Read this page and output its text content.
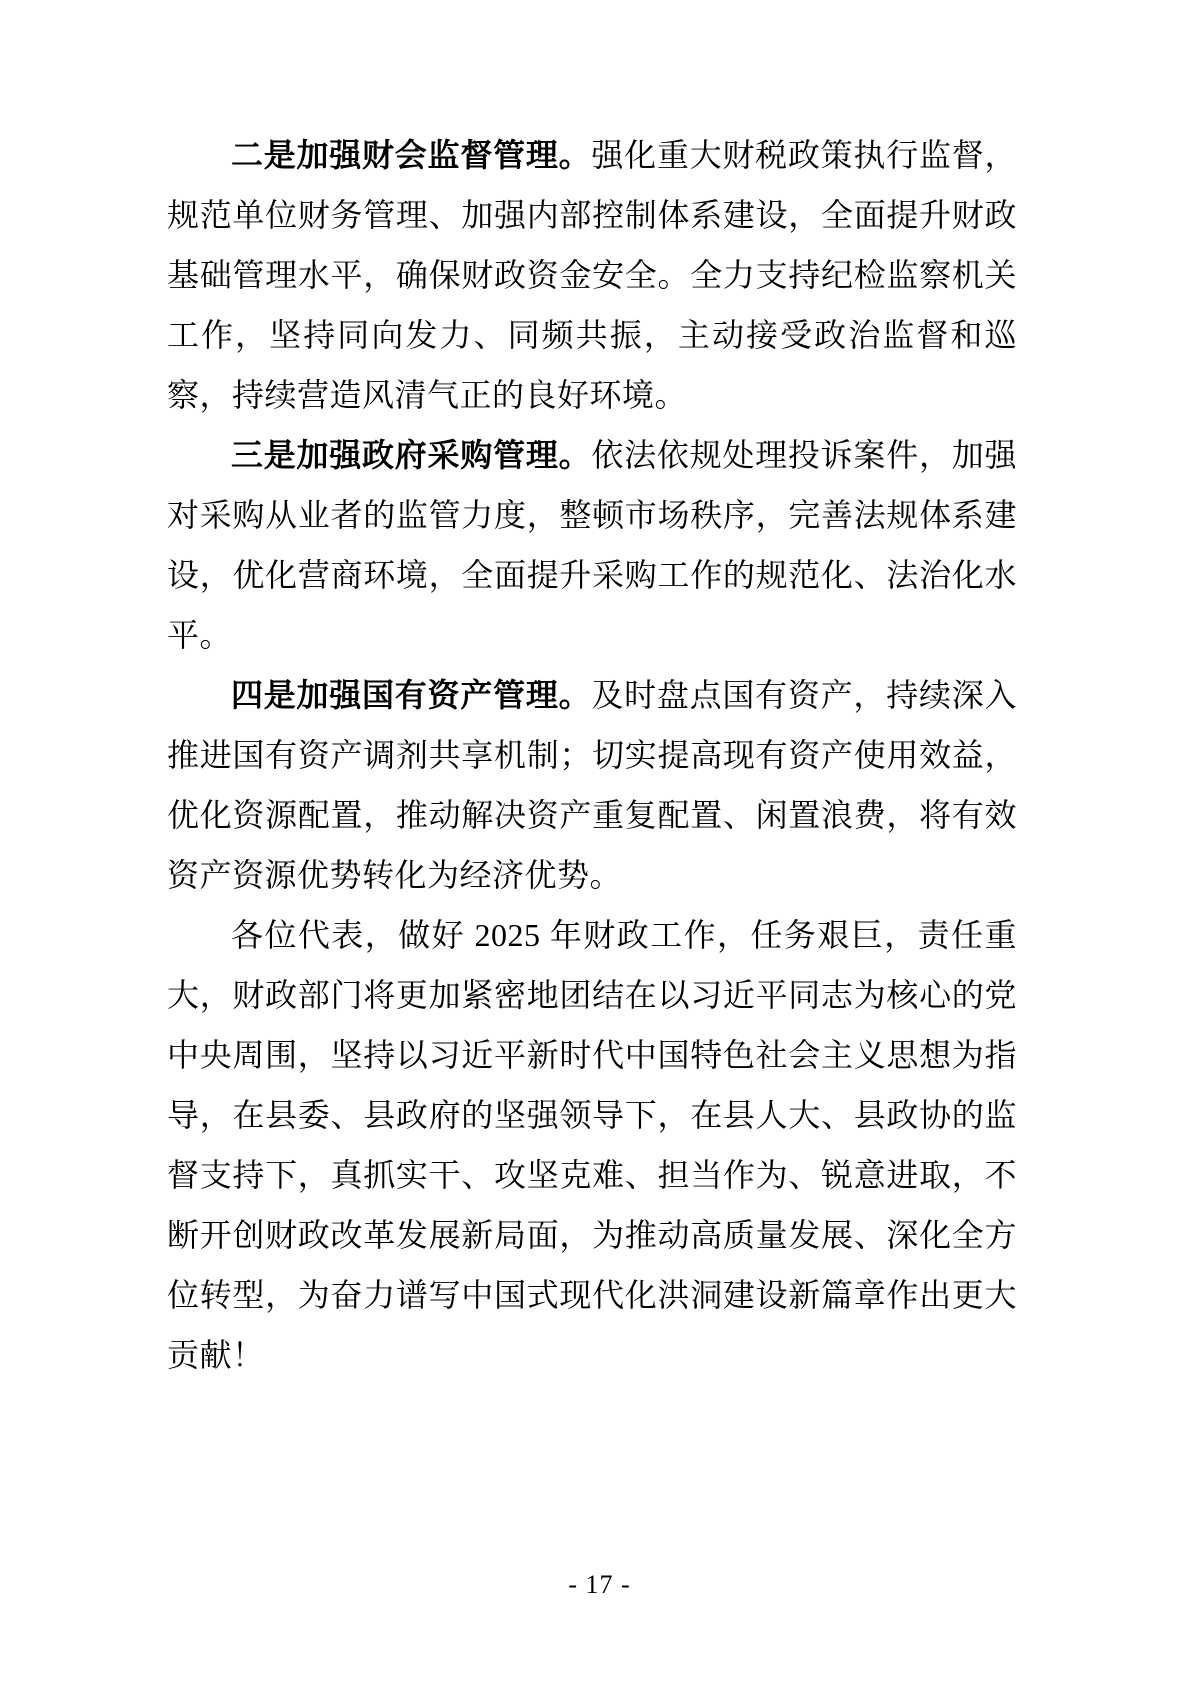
二是加强财会监督管理。强化重大财税政策执行监督，规范单位财务管理、加强内部控制体系建设，全面提升财政基础管理水平，确保财政资金安全。全力支持纪检监察机关工作，坚持同向发力、同频共振，主动接受政治监督和巡察，持续营造风清气正的良好环境。

三是加强政府采购管理。依法依规处理投诉案件，加强对采购从业者的监管力度，整顿市场秩序，完善法规体系建设，优化营商环境，全面提升采购工作的规范化、法治化水平。

四是加强国有资产管理。及时盘点国有资产，持续深入推进国有资产调剂共享机制；切实提高现有资产使用效益，优化资源配置，推动解决资产重复配置、闲置浪费，将有效资产资源优势转化为经济优势。

各位代表，做好 2025 年财政工作，任务艰巨，责任重大，财政部门将更加紧密地团结在以习近平同志为核心的党中央周围，坚持以习近平新时代中国特色社会主义思想为指导，在县委、县政府的坚强领导下，在县人大、县政协的监督支持下，真抓实干、攻坚克难、担当作为、锐意进取，不断开创财政改革发展新局面，为推动高质量发展、深化全方位转型，为奋力谱写中国式现代化洪洞建设新篇章作出更大贡献！

- 17 -
